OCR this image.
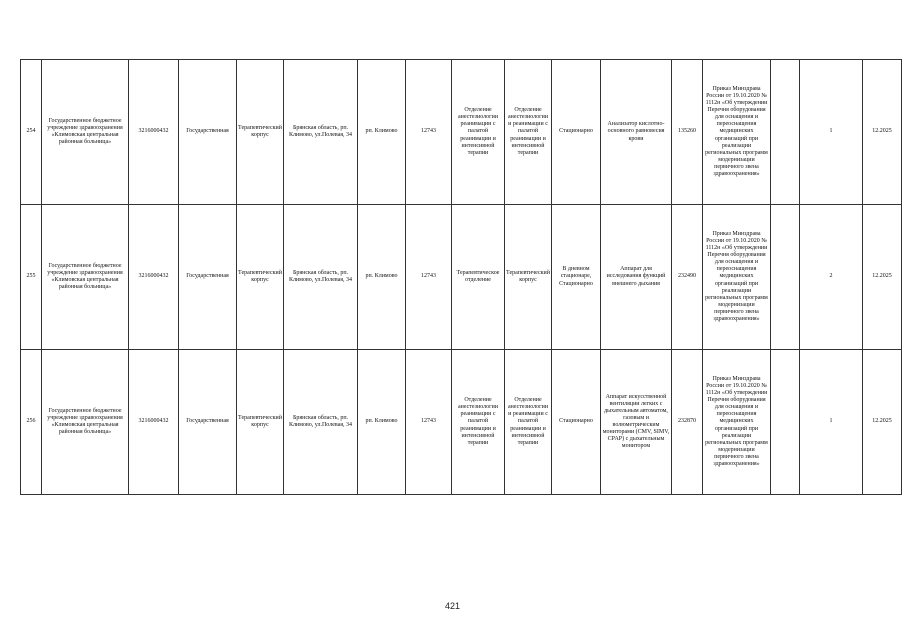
254	Государственное бюджетное учреждение здравоохранения «Климовская центральная районная больница»	3216000432	Государственная	Терапевтический корпус	Брянская область, рп. Климово, ул.Полевая, 34	рп. Климово	12743	Отделение анестезиологии реанимации с палатой реанимации и интенсивной терапии	Отделение анестезиологии и реанимации с палатой реанимации и интенсивной терапии	Стационарно	Анализатор кислотно-основного равновесия крови	135260	Приказ Минздрава России от 19.10.2020 № 1112н «Об утверждении Перечня оборудования для оснащения и переоснащения медицинских организаций при реализации региональных программ модернизации первичного звена здравоохранения»		1	12.2025
255	Государственное бюджетное учреждение здравоохранения «Климовская центральная районная больница»	3216000432	Государственная	Терапевтический корпус	Брянская область, рп. Климово, ул.Полевая, 34	рп. Климово	12743	Терапевтическое отделение	Терапевтический корпус	В дневном стационаре, Стационарно	Аппарат для исследования функций внешнего дыхания	232490	Приказ Минздрава России от 19.10.2020 № 1112н «Об утверждении Перечня оборудования для оснащения и переоснащения медицинских организаций при реализации региональных программ модернизации первичного звена здравоохранения»		2	12.2025
256	Государственное бюджетное учреждение здравоохранения «Климовская центральная районная больница»	3216000432	Государственная	Терапевтический корпус	Брянская область, рп. Климово, ул.Полевая, 34	рп. Климово	12743	Отделение анестезиологии реанимации с палатой реанимации и интенсивной терапии	Отделение анестезиологии и реанимации с палатой реанимации и интенсивной терапии	Стационарно	Аппарат искусственной вентиляции легких с дыхательным автоматом, газовым и волюметрическим мониторами (CMV, SIMV, CPAP) с дыхательным монитором	232870	Приказ Минздрава России от 19.10.2020 № 1112н «Об утверждении Перечня оборудования для оснащения и переоснащения медицинских организаций при реализации региональных программ модернизации первичного звена здравоохранения»		1	12.2025
421
